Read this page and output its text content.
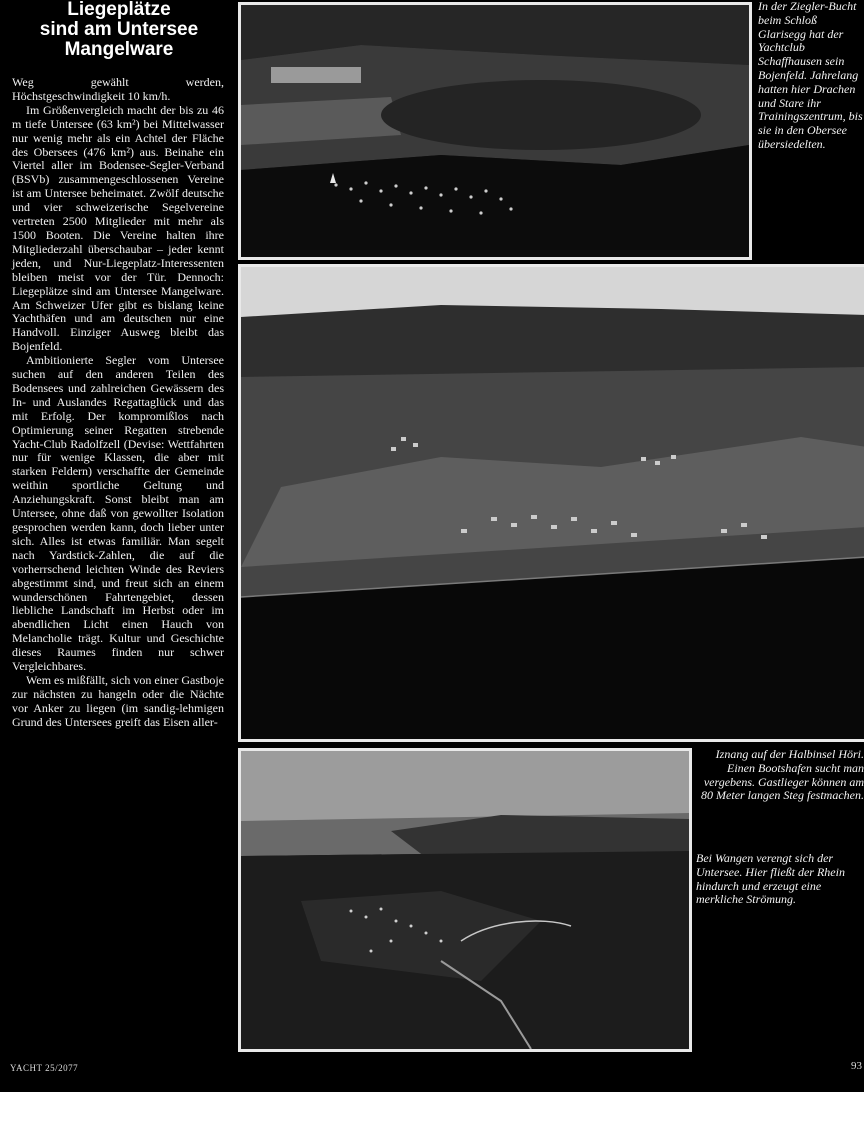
Liegeplätze
sind am Untersee
Mangelware

Weg gewählt werden, Höchstgeschwindigkeit 10 km/h.

Im Größenvergleich macht der bis zu 46 m tiefe Untersee (63 km²) bei Mittelwasser nur wenig mehr als ein Achtel der Fläche des Obersees (476 km²) aus. Beinahe ein Viertel aller im Bodensee-Segler-Verband (BSVb) zusammengeschlossenen Vereine ist am Untersee beheimatet. Zwölf deutsche und vier schweizerische Segelvereine vertreten 2500 Mitglieder mit mehr als 1500 Booten. Die Vereine halten ihre Mitgliederzahl überschaubar – jeder kennt jeden, und Nur-Liegeplatz-Interessenten bleiben meist vor der Tür. Dennoch: Liegeplätze sind am Untersee Mangelware. Am Schweizer Ufer gibt es bislang keine Yachthäfen und am deutschen nur eine Handvoll. Einziger Ausweg bleibt das Bojenfeld.

Ambitionierte Segler vom Untersee suchen auf den anderen Teilen des Bodensees und zahlreichen Gewässern des In- und Auslandes Regattaglück und das mit Erfolg. Der kompromißlos nach Optimierung seiner Regatten strebende Yacht-Club Radolfzell (Devise: Wettfahrten nur für wenige Klassen, die aber mit starken Feldern) verschaffte der Gemeinde weithin sportliche Geltung und Anziehungskraft. Sonst bleibt man am Untersee, ohne daß von gewollter Isolation gesprochen werden kann, doch lieber unter sich. Alles ist etwas familiär. Man segelt nach Yardstick-Zahlen, die auf die vorherrschend leichten Winde des Reviers abgestimmt sind, und freut sich an einem wunderschönen Fahrtengebiet, dessen liebliche Landschaft im Herbst oder im abendlichen Licht einen Hauch von Melancholie trägt. Kultur und Geschichte dieses Raumes finden nur schwer Vergleichbares.

Wem es mißfällt, sich von einer Gastboje zur nächsten zu hangeln oder die Nächte vor Anker zu liegen (im sandig-lehmigen Grund des Untersees greift das Eisen aller-

In der Ziegler-Bucht beim Schloß Glarisegg hat der Yachtclub Schaffhausen sein Bojenfeld. Jahrelang hatten hier Drachen und Stare ihr Trainingszentrum, bis sie in den Obersee übersiedelten.
Iznang auf der Halbinsel Höri. Einen Bootshafen sucht man vergebens. Gastlieger können am 80 Meter langen Steg festmachen.
Bei Wangen verengt sich der Untersee. Hier fließt der Rhein hindurch und erzeugt eine merkliche Strömung.
YACHT 25/2077	93
